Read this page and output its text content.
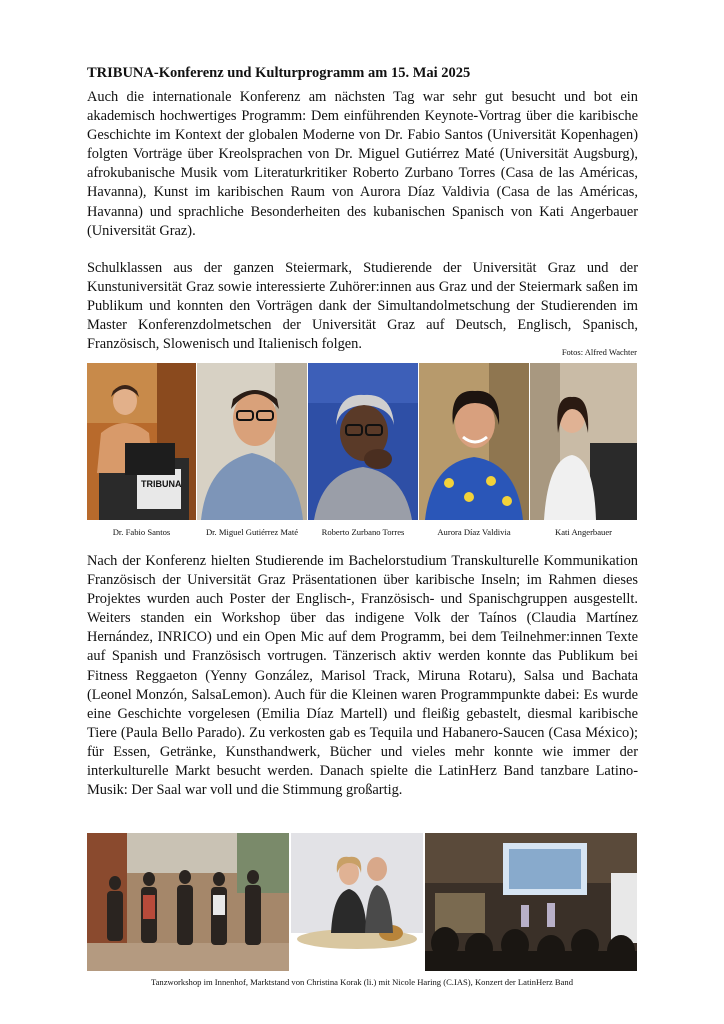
TRIBUNA-Konferenz und Kulturprogramm am 15. Mai 2025

Auch die internationale Konferenz am nächsten Tag war sehr gut besucht und bot ein akademisch hochwertiges Programm: Dem einführenden Keynote-Vortrag über die karibische Geschichte im Kontext der globalen Moderne von Dr. Fabio Santos (Universität Kopenhagen) folgten Vorträge über Kreolsprachen von Dr. Miguel Gutiérrez Maté (Universität Augsburg), afrokubanische Musik vom Literaturkritiker Roberto Zurbano Torres (Casa de las Américas, Havanna), Kunst im karibischen Raum von Aurora Díaz Valdivia (Casa de las Américas, Havanna) und sprachliche Besonderheiten des kubanischen Spanisch von Kati Angerbauer (Universität Graz).

Schulklassen aus der ganzen Steiermark, Studierende der Universität Graz und der Kunstuniversität Graz sowie interessierte Zuhörer:innen aus Graz und der Steiermark saßen im Publikum und konnten den Vorträgen dank der Simultandolmetschung der Studierenden im Master Konferenzdolmetschen der Universität Graz auf Deutsch, Englisch, Spanisch, Französisch, Slowenisch und Italienisch folgen.	Fotos: Alfred Wachter
TRIBUNA
Dr. Fabio Santos	Dr. Miguel Gutiérrez Maté	Roberto Zurbano Torres	Aurora Díaz Valdivia	Kati Angerbauer

Nach der Konferenz hielten Studierende im Bachelorstudium Transkulturelle Kommunikation Französisch der Universität Graz Präsentationen über karibische Inseln; im Rahmen dieses Projektes wurden auch Poster der Englisch-, Französisch- und Spanischgruppen ausgestellt. Weiters standen ein Workshop über das indigene Volk der Taínos (Claudia Martínez Hernández, INRICO) und ein Open Mic auf dem Programm, bei dem Teilnehmer:innen Texte auf Spanish und Französisch vortrugen. Tänzerisch aktiv werden konnte das Publikum bei Fitness Reggaeton (Yenny González, Marisol Track, Miruna Rotaru), Salsa und Bachata (Leonel Monzón, SalsaLemon). Auch für die Kleinen waren Programmpunkte dabei: Es wurde eine Geschichte vorgelesen (Emilia Díaz Martell) und fleißig gebastelt, diesmal karibische Tiere (Paula Bello Parado). Zu verkosten gab es Tequila und Habanero-Saucen (Casa México); für Essen, Getränke, Kunsthandwerk, Bücher und vieles mehr konnte wie immer der interkulturelle Markt besucht werden. Danach spielte die LatinHerz Band tanzbare Latino-Musik: Der Saal war voll und die Stimmung großartig.

Tanzworkshop im Innenhof, Marktstand von Christina Korak (li.) mit Nicole Haring (C.IAS), Konzert der LatinHerz Band
